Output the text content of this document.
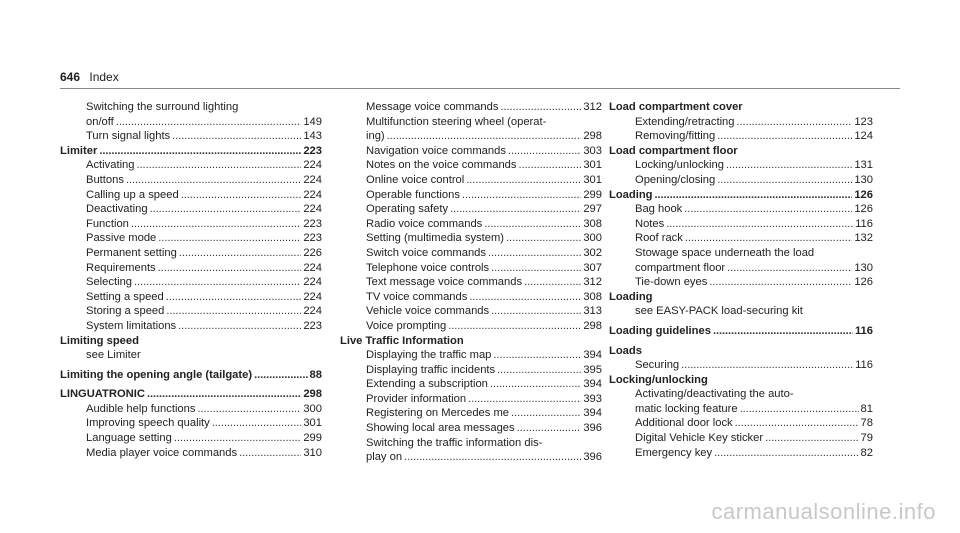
646 Index
Switching the surround lighting
on/off . . .	149
Turn signal lights . . .	143
Limiter . . .	223
Activating . . .	224
Buttons . . .	224
Calling up a speed . . .	224
Deactivating . . .	224
Function . . .	223
Passive mode . . .	223
Permanent setting . . .	226
Requirements . . .	224
Selecting . . .	224
Setting a speed . . .	224
Storing a speed . . .	224
System limitations . . .	223
Limiting speed
see Limiter
Limiting the opening angle (tailgate) . . .	88
LINGUATRONIC . . .	298
Audible help functions . . .	300
Improving speech quality . . .	301
Language setting . . .	299
Media player voice commands . . .	310
Message voice commands . . .	312
Multifunction steering wheel (operat-
ing) . . .	298
Navigation voice commands . . .	303
Notes on the voice commands . . .	301
Online voice control . . .	301
Operable functions . . .	299
Operating safety . . .	297
Radio voice commands . . .	308
Setting (multimedia system) . . .	300
Switch voice commands . . .	302
Telephone voice controls . . .	307
Text message voice commands . . .	312
TV voice commands . . .	308
Vehicle voice commands . . .	313
Voice prompting . . .	298
Live Traffic Information
Displaying the traffic map . . .	394
Displaying traffic incidents . . .	395
Extending a subscription . . .	394
Provider information . . .	393
Registering on Mercedes me . . .	394
Showing local area messages . . .	396
Switching the traffic information dis-
play on . . .	396
Load compartment cover
Extending/retracting . . .	123
Removing/fitting . . .	124
Load compartment floor
Locking/unlocking . . .	131
Opening/closing . . .	130
Loading . . .	126
Bag hook . . .	126
Notes . . .	116
Roof rack . . .	132
Stowage space underneath the load
compartment floor . . .	130
Tie-down eyes . . .	126
Loading
see EASY-PACK load-securing kit
Loading guidelines . . .	116
Loads
Securing . . .	116
Locking/unlocking
Activating/deactivating the auto-
matic locking feature . . .	81
Additional door lock . . .	78
Digital Vehicle Key sticker . . .	79
Emergency key . . .	82
carmanualsonline.info
